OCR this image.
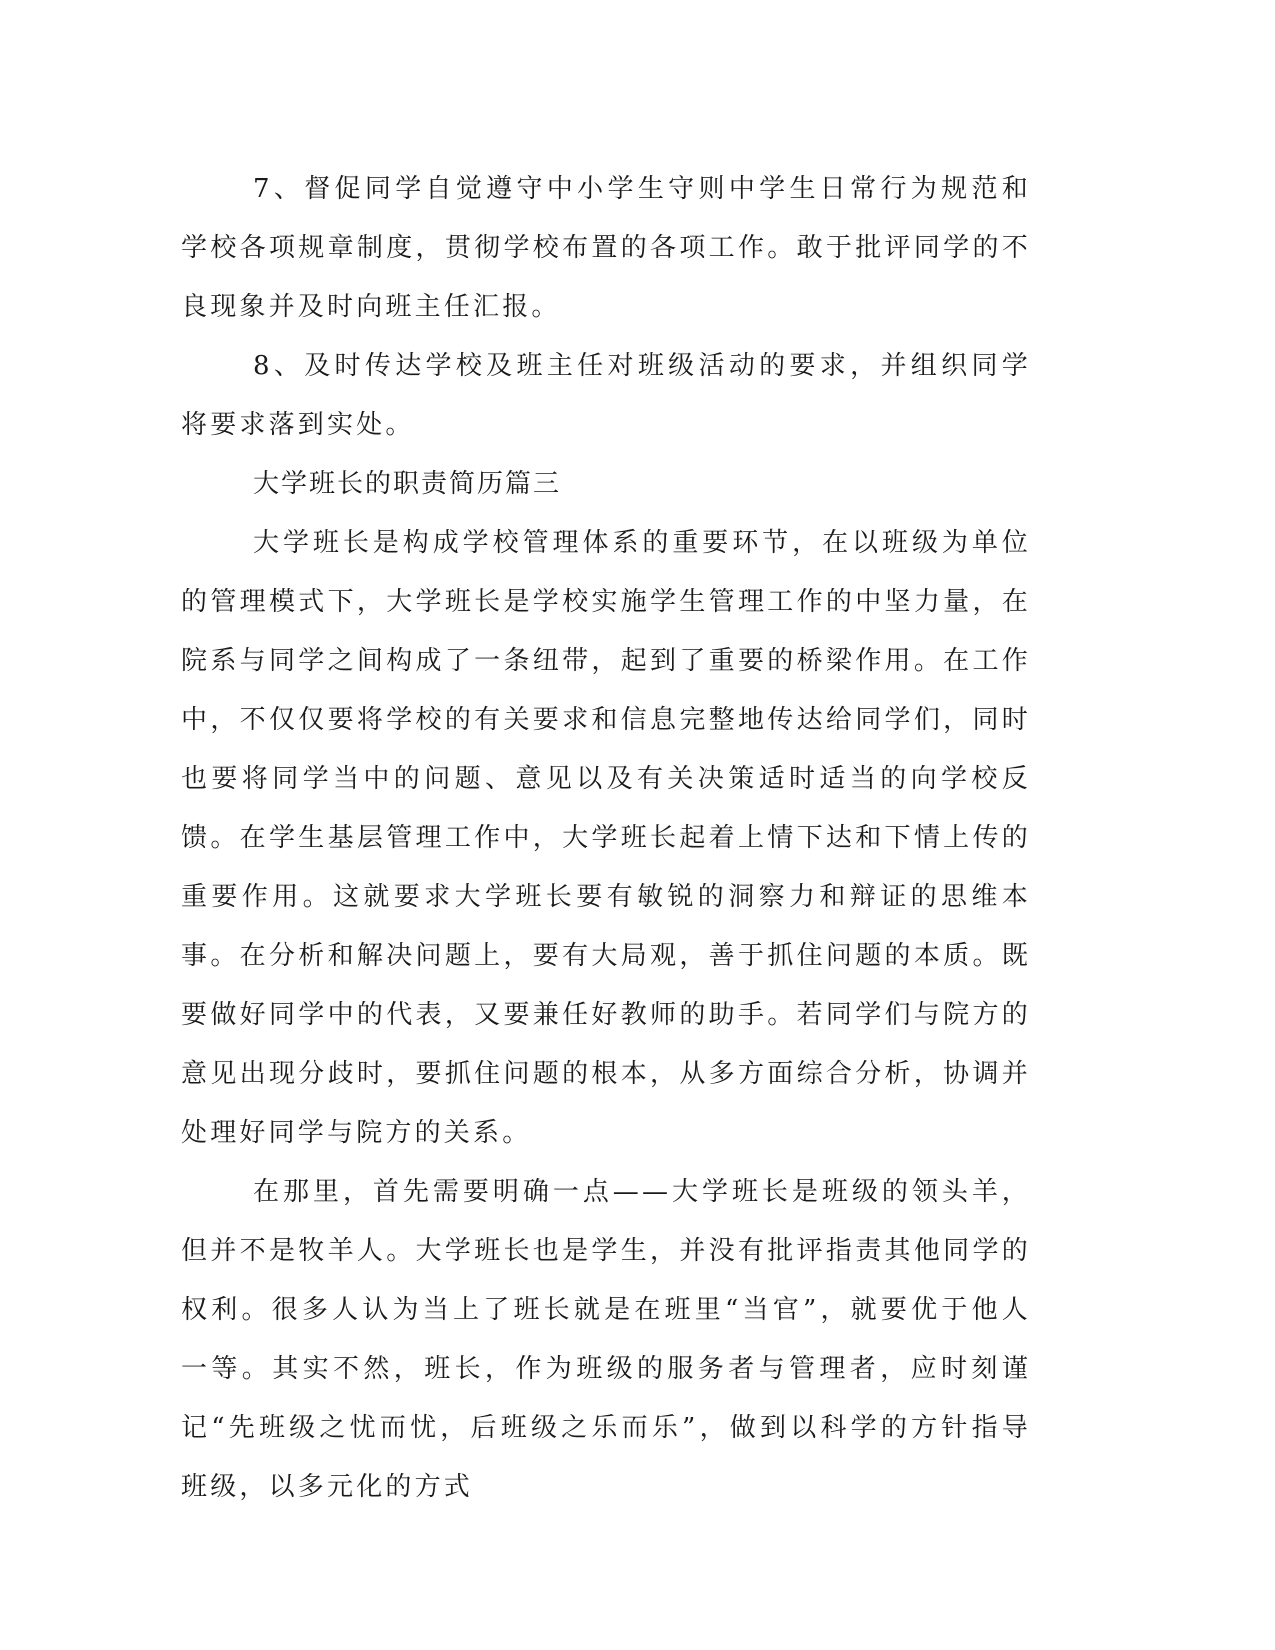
7、督促同学自觉遵守中小学生守则中学生日常行为规范和学校各项规章制度，贯彻学校布置的各项工作。敢于批评同学的不良现象并及时向班主任汇报。

8、及时传达学校及班主任对班级活动的要求，并组织同学将要求落到实处。

大学班长的职责简历篇三

大学班长是构成学校管理体系的重要环节，在以班级为单位的管理模式下，大学班长是学校实施学生管理工作的中坚力量，在院系与同学之间构成了一条纽带，起到了重要的桥梁作用。在工作中，不仅仅要将学校的有关要求和信息完整地传达给同学们，同时也要将同学当中的问题、意见以及有关决策适时适当的向学校反馈。在学生基层管理工作中，大学班长起着上情下达和下情上传的重要作用。这就要求大学班长要有敏锐的洞察力和辩证的思维本事。在分析和解决问题上，要有大局观，善于抓住问题的本质。既要做好同学中的代表，又要兼任好教师的助手。若同学们与院方的意见出现分歧时，要抓住问题的根本，从多方面综合分析，协调并处理好同学与院方的关系。

在那里，首先需要明确一点——大学班长是班级的领头羊，但并不是牧羊人。大学班长也是学生，并没有批评指责其他同学的权利。很多人认为当上了班长就是在班里“当官”，就要优于他人一等。其实不然，班长，作为班级的服务者与管理者，应时刻谨记“先班级之忧而忧，后班级之乐而乐”，做到以科学的方针指导班级，以多元化的方式
